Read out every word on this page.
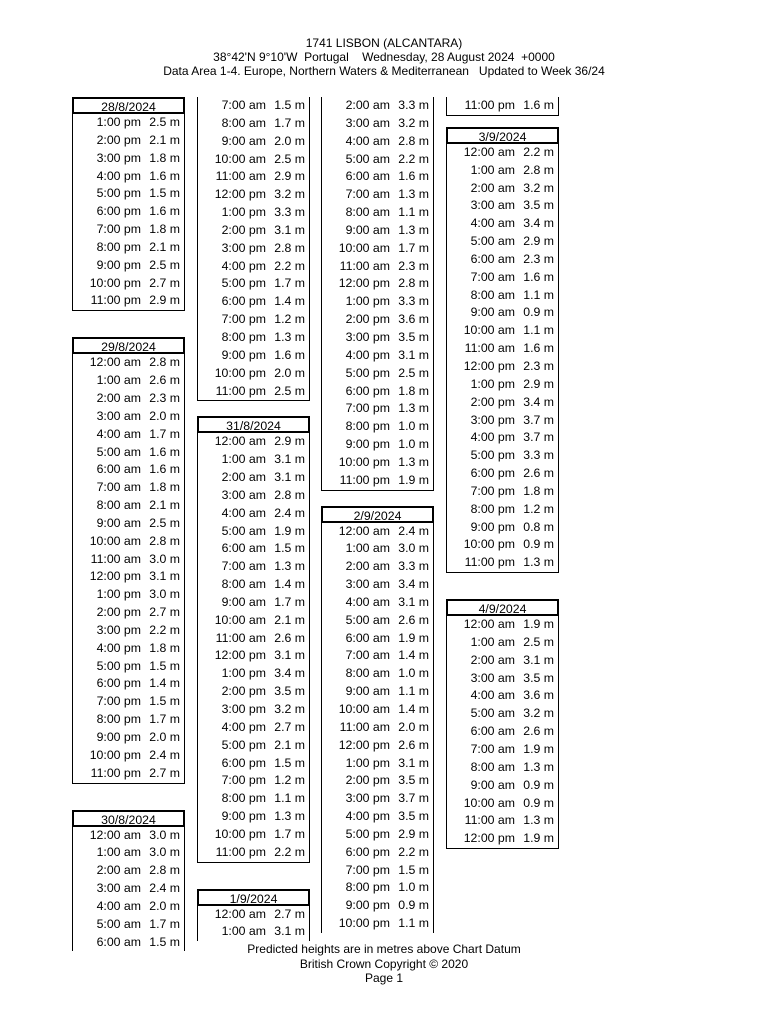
1741 LISBON (ALCANTARA)
38°42'N 9°10'W  Portugal    Wednesday, 28 August 2024  +0000
Data Area 1-4. Europe, Northern Waters & Mediterranean   Updated to Week 36/24
28/8/2024
1:00 pm 2.5 m
2:00 pm 2.1 m
3:00 pm 1.8 m
4:00 pm 1.6 m
5:00 pm 1.5 m
6:00 pm 1.6 m
7:00 pm 1.8 m
8:00 pm 2.1 m
9:00 pm 2.5 m
10:00 pm 2.7 m
11:00 pm 2.9 m
29/8/2024
12:00 am 2.8 m
1:00 am 2.6 m
2:00 am 2.3 m
3:00 am 2.0 m
4:00 am 1.7 m
5:00 am 1.6 m
6:00 am 1.6 m
7:00 am 1.8 m
8:00 am 2.1 m
9:00 am 2.5 m
10:00 am 2.8 m
11:00 am 3.0 m
12:00 pm 3.1 m
1:00 pm 3.0 m
2:00 pm 2.7 m
3:00 pm 2.2 m
4:00 pm 1.8 m
5:00 pm 1.5 m
6:00 pm 1.4 m
7:00 pm 1.5 m
8:00 pm 1.7 m
9:00 pm 2.0 m
10:00 pm 2.4 m
11:00 pm 2.7 m
30/8/2024
12:00 am 3.0 m
1:00 am 3.0 m
2:00 am 2.8 m
3:00 am 2.4 m
4:00 am 2.0 m
5:00 am 1.7 m
6:00 am 1.5 m
7:00 am 1.5 m
8:00 am 1.7 m
9:00 am 2.0 m
10:00 am 2.5 m
11:00 am 2.9 m
12:00 pm 3.2 m
1:00 pm 3.3 m
2:00 pm 3.1 m
3:00 pm 2.8 m
4:00 pm 2.2 m
5:00 pm 1.7 m
6:00 pm 1.4 m
7:00 pm 1.2 m
8:00 pm 1.3 m
9:00 pm 1.6 m
10:00 pm 2.0 m
11:00 pm 2.5 m
31/8/2024
12:00 am 2.9 m
1:00 am 3.1 m
2:00 am 3.1 m
3:00 am 2.8 m
4:00 am 2.4 m
5:00 am 1.9 m
6:00 am 1.5 m
7:00 am 1.3 m
8:00 am 1.4 m
9:00 am 1.7 m
10:00 am 2.1 m
11:00 am 2.6 m
12:00 pm 3.1 m
1:00 pm 3.4 m
2:00 pm 3.5 m
3:00 pm 3.2 m
4:00 pm 2.7 m
5:00 pm 2.1 m
6:00 pm 1.5 m
7:00 pm 1.2 m
8:00 pm 1.1 m
9:00 pm 1.3 m
10:00 pm 1.7 m
11:00 pm 2.2 m
1/9/2024
12:00 am 2.7 m
1:00 am 3.1 m
2:00 am 3.3 m
3:00 am 3.2 m
4:00 am 2.8 m
5:00 am 2.2 m
6:00 am 1.6 m
7:00 am 1.3 m
8:00 am 1.1 m
9:00 am 1.3 m
10:00 am 1.7 m
11:00 am 2.3 m
12:00 pm 2.8 m
1:00 pm 3.3 m
2:00 pm 3.6 m
3:00 pm 3.5 m
4:00 pm 3.1 m
5:00 pm 2.5 m
6:00 pm 1.8 m
7:00 pm 1.3 m
8:00 pm 1.0 m
9:00 pm 1.0 m
10:00 pm 1.3 m
11:00 pm 1.9 m
2/9/2024
12:00 am 2.4 m
1:00 am 3.0 m
2:00 am 3.3 m
3:00 am 3.4 m
4:00 am 3.1 m
5:00 am 2.6 m
6:00 am 1.9 m
7:00 am 1.4 m
8:00 am 1.0 m
9:00 am 1.1 m
10:00 am 1.4 m
11:00 am 2.0 m
12:00 pm 2.6 m
1:00 pm 3.1 m
2:00 pm 3.5 m
3:00 pm 3.7 m
4:00 pm 3.5 m
5:00 pm 2.9 m
6:00 pm 2.2 m
7:00 pm 1.5 m
8:00 pm 1.0 m
9:00 pm 0.9 m
10:00 pm 1.1 m
11:00 pm 1.6 m
3/9/2024
12:00 am 2.2 m
1:00 am 2.8 m
2:00 am 3.2 m
3:00 am 3.5 m
4:00 am 3.4 m
5:00 am 2.9 m
6:00 am 2.3 m
7:00 am 1.6 m
8:00 am 1.1 m
9:00 am 0.9 m
10:00 am 1.1 m
11:00 am 1.6 m
12:00 pm 2.3 m
1:00 pm 2.9 m
2:00 pm 3.4 m
3:00 pm 3.7 m
4:00 pm 3.7 m
5:00 pm 3.3 m
6:00 pm 2.6 m
7:00 pm 1.8 m
8:00 pm 1.2 m
9:00 pm 0.8 m
10:00 pm 0.9 m
11:00 pm 1.3 m
4/9/2024
12:00 am 1.9 m
1:00 am 2.5 m
2:00 am 3.1 m
3:00 am 3.5 m
4:00 am 3.6 m
5:00 am 3.2 m
6:00 am 2.6 m
7:00 am 1.9 m
8:00 am 1.3 m
9:00 am 0.9 m
10:00 am 0.9 m
11:00 am 1.3 m
12:00 pm 1.9 m
Predicted heights are in metres above Chart Datum
British Crown Copyright © 2020
Page 1
